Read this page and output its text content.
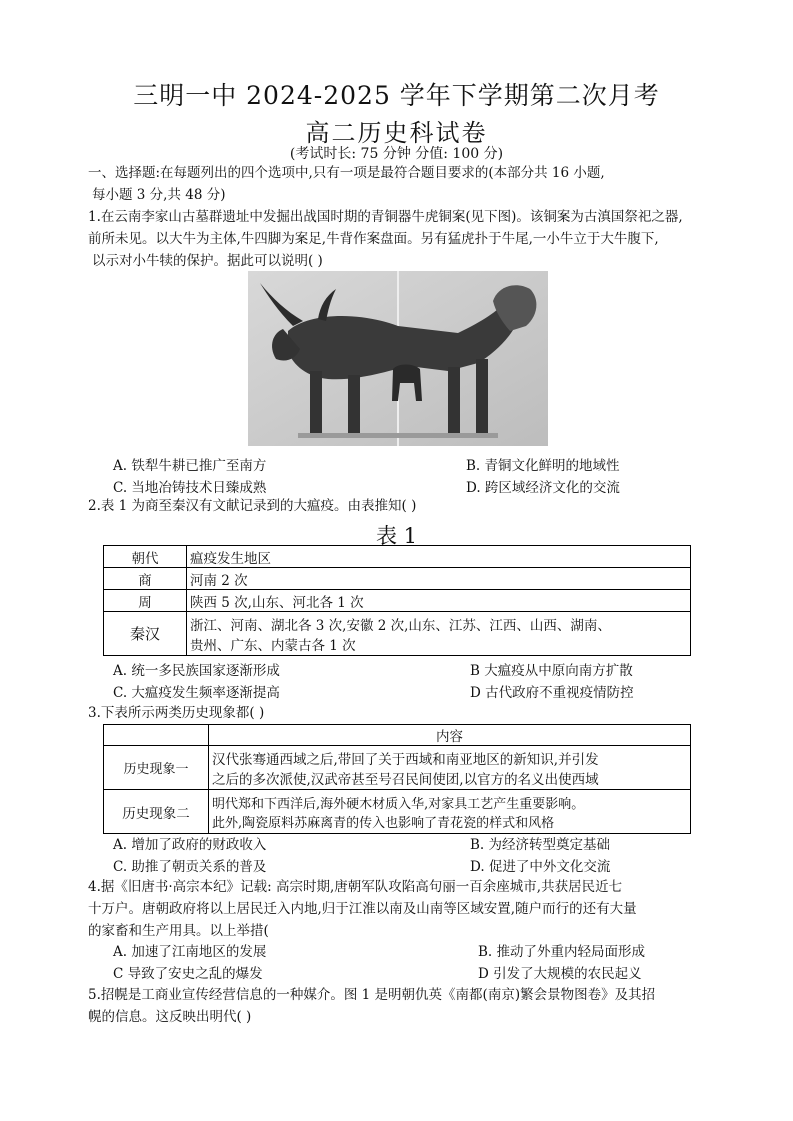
三明一中 2024-2025 学年下学期第二次月考
高二历史科试卷
(考试时长: 75 分钟 分值: 100 分)
一、选择题:在每题列出的四个选项中,只有一项是最符合题目要求的(本部分共 16 小题,
每小题 3 分,共 48 分)
1.在云南李家山古墓群遗址中发掘出战国时期的青铜器牛虎铜案(见下图)。该铜案为古滇国祭祀之器,
前所未见。以大牛为主体,牛四脚为案足,牛背作案盘面。另有猛虎扑于牛尾,一小牛立于大牛腹下,
以示对小牛犊的保护。据此可以说明( )
A. 铁犁牛耕已推广至南方	B. 青铜文化鲜明的地域性
C. 当地冶铸技术日臻成熟	D. 跨区域经济文化的交流
2.表 1 为商至秦汉有文献记录到的大瘟疫。由表推知( )
表 1
朝代	瘟疫发生地区
商	河南 2 次
周	陕西 5 次,山东、河北各 1 次
秦汉	浙江、河南、湖北各 3 次,安徽 2 次,山东、江苏、江西、山西、湖南、
贵州、广东、内蒙古各 1 次
A. 统一多民族国家逐渐形成	B 大瘟疫从中原向南方扩散
C. 大瘟疫发生频率逐渐提高	D 古代政府不重视疫情防控
3.下表所示两类历史现象都( )
	内容
历史现象一	汉代张骞通西域之后,带回了关于西域和南亚地区的新知识,并引发
之后的多次派使,汉武帝甚至号召民间使团,以官方的名义出使西域

历史现象二	明代郑和下西洋后,海外硬木材质入华,对家具工艺产生重要影响。
此外,陶瓷原料苏麻离青的传入也影响了青花瓷的样式和风格
A. 增加了政府的财政收入	B. 为经济转型奠定基础
C. 助推了朝贡关系的普及	D. 促进了中外文化交流
4.据《旧唐书·高宗本纪》记载: 高宗时期,唐朝军队攻陷高句丽一百余座城市,共获居民近七
十万户。唐朝政府将以上居民迁入内地,归于江淮以南及山南等区域安置,随户而行的还有大量
的家畜和生产用具。以上举措(
A. 加速了江南地区的发展	B. 推动了外重内轻局面形成
C 导致了安史之乱的爆发	D 引发了大规模的农民起义
5.招幌是工商业宣传经营信息的一种媒介。图 1 是明朝仇英《南都(南京)繁会景物图卷》及其招
幌的信息。这反映出明代( )
